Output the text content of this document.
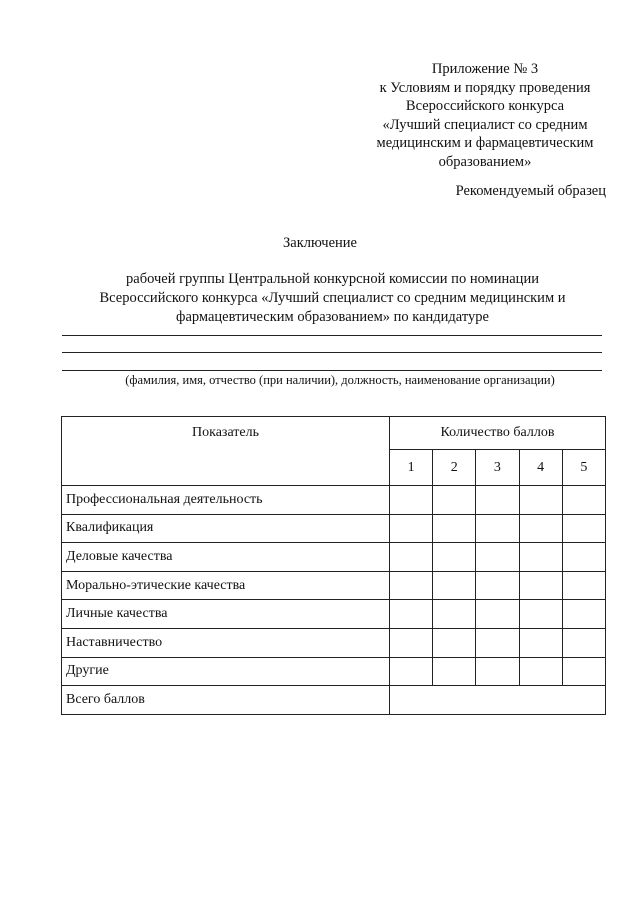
Приложение № 3
к Условиям и порядку проведения
Всероссийского конкурса
«Лучший специалист со средним
медицинским и фармацевтическим
образованием»
Рекомендуемый образец
Заключение
рабочей группы Центральной конкурсной комиссии по номинации
Всероссийского конкурса «Лучший специалист со средним медицинским и
фармацевтическим образованием» по кандидатуре
(фамилия, имя, отчество (при наличии), должность, наименование организации)
Показатель	Количество баллов				
	1	2	3	4	5
Профессиональная деятельность					
Квалификация					
Деловые качества					
Морально-этические качества					
Личные качества					
Наставничество					
Другие					
Всего баллов					
